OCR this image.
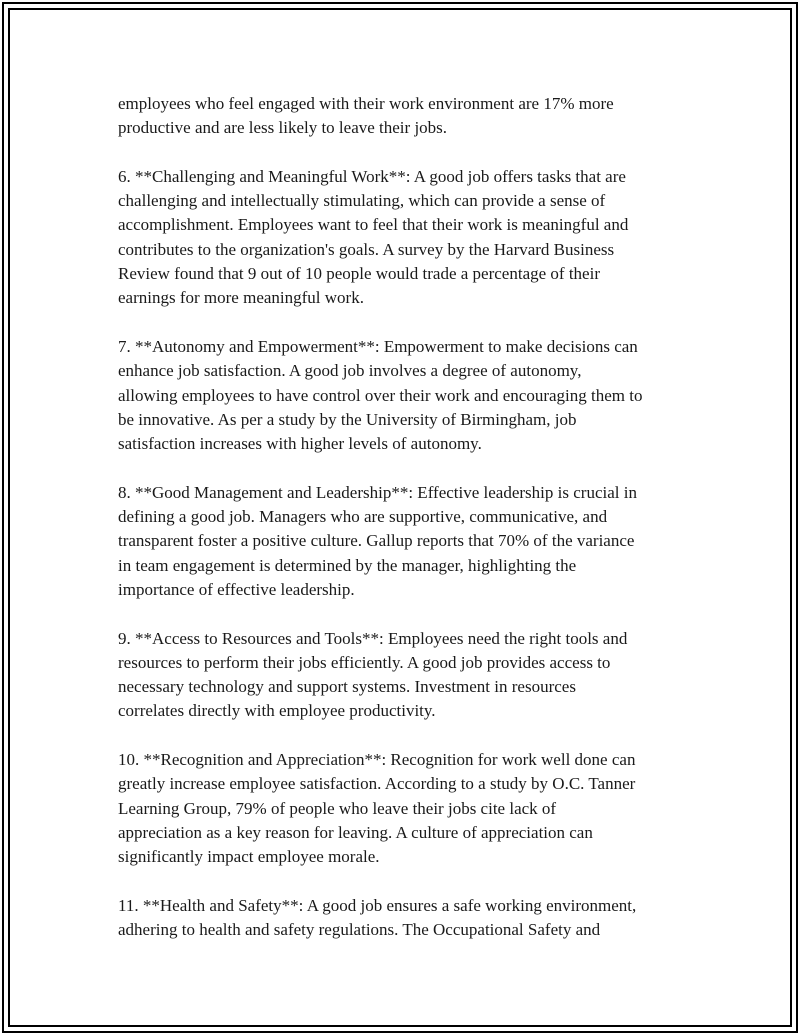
employees who feel engaged with their work environment are 17% more
productive and are less likely to leave their jobs.

6. **Challenging and Meaningful Work**: A good job offers tasks that are
challenging and intellectually stimulating, which can provide a sense of
accomplishment. Employees want to feel that their work is meaningful and
contributes to the organization's goals. A survey by the Harvard Business
Review found that 9 out of 10 people would trade a percentage of their
earnings for more meaningful work.

7. **Autonomy and Empowerment**: Empowerment to make decisions can
enhance job satisfaction. A good job involves a degree of autonomy,
allowing employees to have control over their work and encouraging them to
be innovative. As per a study by the University of Birmingham, job
satisfaction increases with higher levels of autonomy.

8. **Good Management and Leadership**: Effective leadership is crucial in
defining a good job. Managers who are supportive, communicative, and
transparent foster a positive culture. Gallup reports that 70% of the variance
in team engagement is determined by the manager, highlighting the
importance of effective leadership.

9. **Access to Resources and Tools**: Employees need the right tools and
resources to perform their jobs efficiently. A good job provides access to
necessary technology and support systems. Investment in resources
correlates directly with employee productivity.

10. **Recognition and Appreciation**: Recognition for work well done can
greatly increase employee satisfaction. According to a study by O.C. Tanner
Learning Group, 79% of people who leave their jobs cite lack of
appreciation as a key reason for leaving. A culture of appreciation can
significantly impact employee morale.

11. **Health and Safety**: A good job ensures a safe working environment,
adhering to health and safety regulations. The Occupational Safety and
